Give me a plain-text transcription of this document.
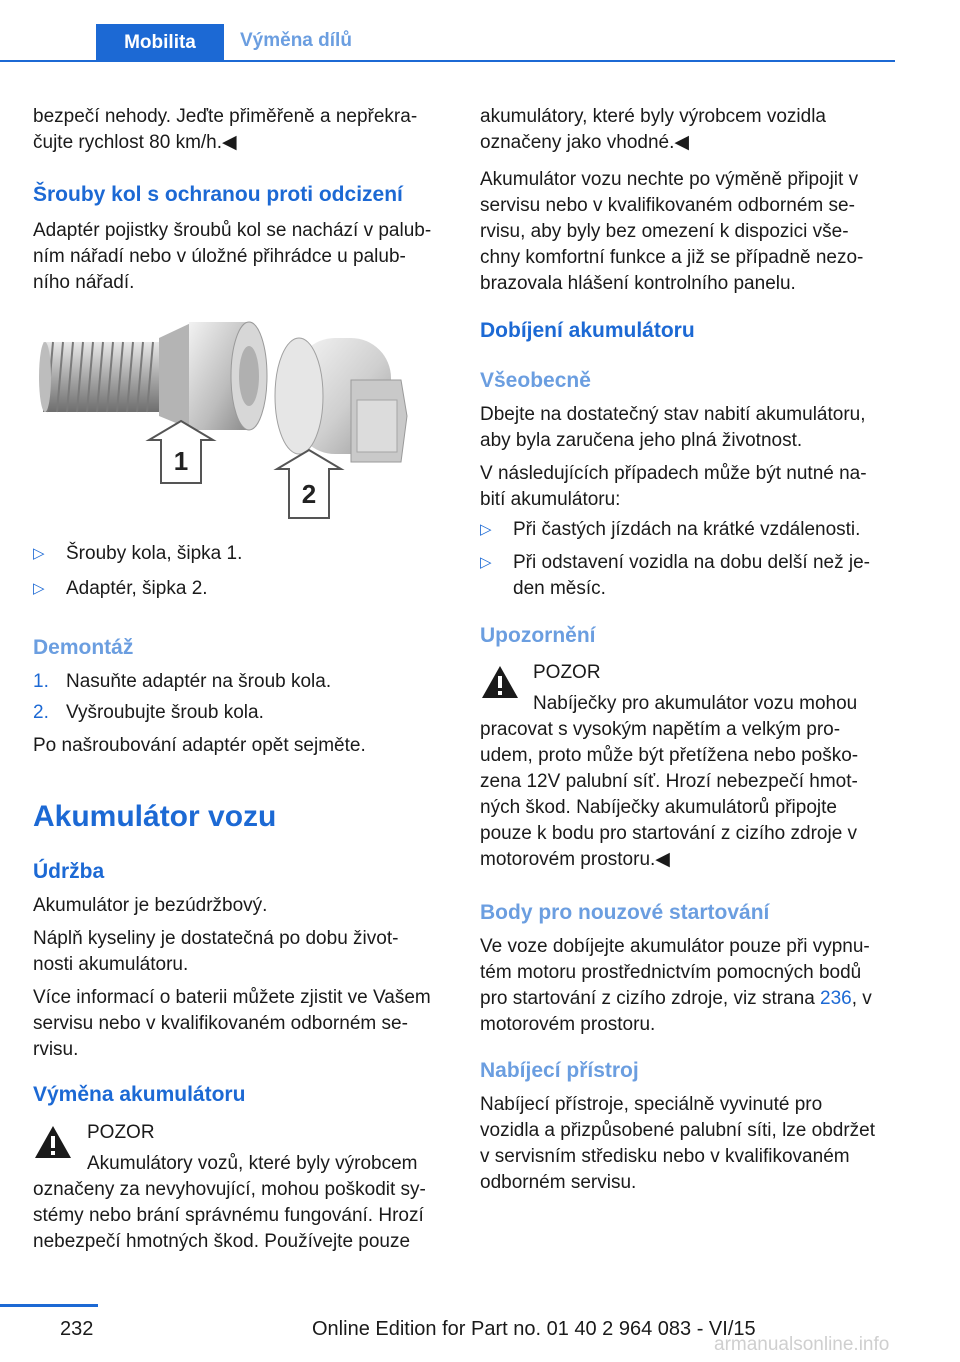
Mobilita Výměna dílů
bezpečí nehody. Jeďte přiměřeně a nepřekra‐
čujte rychlost 80 km/h.◀
Šrouby kol s ochranou proti odcizení
Adaptér pojistky šroubů kol se nachází v palub‐
ním nářadí nebo v úložné přihrádce u palub‐
ního nářadí.
1
2
▷	Šrouby kola, šipka 1.
▷	Adaptér, šipka 2.
Demontáž
1. Nasuňte adaptér na šroub kola.
2. Vyšroubujte šroub kola.
Po našroubování adaptér opět sejměte.
Akumulátor vozu
Údržba
Akumulátor je bezúdržbový.
Náplň kyseliny je dostatečná po dobu život‐
nosti akumulátoru.
Více informací o baterii můžete zjistit ve Vašem
servisu nebo v kvalifikovaném odborném se‐
rvisu.
Výměna akumulátoru
POZOR
Akumulátory vozů, které byly výrobcem
označeny za nevyhovující, mohou poškodit sy‐
stémy nebo brání správnému fungování. Hrozí
nebezpečí hmotných škod. Používejte pouze
akumulátory, které byly výrobcem vozidla
označeny jako vhodné.◀
Akumulátor vozu nechte po výměně připojit v
servisu nebo v kvalifikovaném odborném se‐
rvisu, aby byly bez omezení k dispozici vše‐
chny komfortní funkce a již se případně nezo‐
brazovala hlášení kontrolního panelu.
Dobíjení akumulátoru
Všeobecně
Dbejte na dostatečný stav nabití akumulátoru,
aby byla zaručena jeho plná životnost.
V následujících případech může být nutné na‐
bití akumulátoru:
▷	Při častých jízdách na krátké vzdálenosti.
▷	Při odstavení vozidla na dobu delší než je‐
den měsíc.
Upozornění
POZOR
Nabíječky pro akumulátor vozu mohou
pracovat s vysokým napětím a velkým pro‐
udem, proto může být přetížena nebo poško‐
zena 12V palubní síť. Hrozí nebezpečí hmot‐
ných škod. Nabíječky akumulátorů připojte
pouze k bodu pro startování z cizího zdroje v
motorovém prostoru.◀
Body pro nouzové startování
Ve voze dobíjejte akumulátor pouze při vypnu‐
tém motoru prostřednictvím pomocných bodů
pro startování z cizího zdroje, viz strana 236, v
motorovém prostoru.
Nabíjecí přístroj
Nabíjecí přístroje, speciálně vyvinuté pro
vozidla a přizpůsobené palubní síti, lze obdržet
v servisním středisku nebo v kvalifikovaném
odborném servisu.
232	Online Edition for Part no. 01 40 2 964 083 - VI/15
armanualsonline.info
